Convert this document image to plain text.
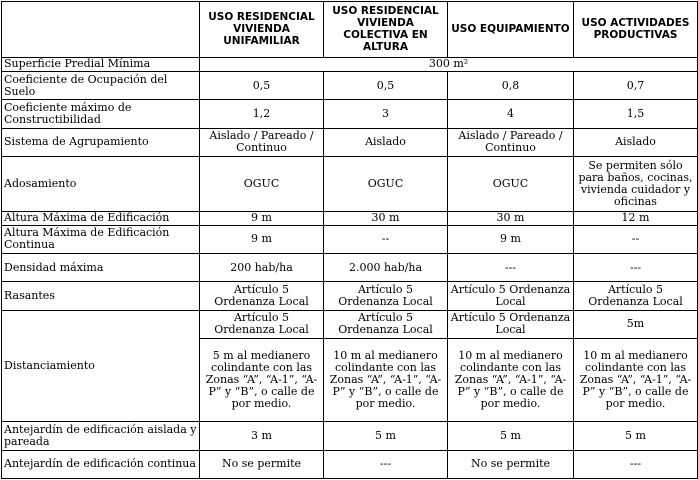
	USO RESIDENCIAL VIVIENDA UNIFAMILIAR	USO RESIDENCIAL VIVIENDA COLECTIVA EN ALTURA	USO EQUIPAMIENTO	USO ACTIVIDADES PRODUCTIVAS
Superficie Predial Mínima	300 m²			
Coeficiente de Ocupación del Suelo	0,5	0,5	0,8	0,7
Coeficiente máximo de Constructibilidad	1,2	3	4	1,5
Sistema de Agrupamiento	Aislado / Pareado / Continuo	Aislado	Aislado / Pareado / Continuo	Aislado
Adosamiento	OGUC	OGUC	OGUC	Se permiten sólo para baños, cocinas, vivienda cuidador y oficinas
Altura Máxima de Edificación	9 m	30 m	30 m	12 m
Altura Máxima de Edificación Continua	9 m	--	9 m	--
Densidad máxima	200 hab/ha	2.000 hab/ha	---	---
Rasantes	Artículo 5 Ordenanza Local	Artículo 5 Ordenanza Local	Artículo 5 Ordenanza Local	Artículo 5 Ordenanza Local
Distanciamiento	Artículo 5 Ordenanza Local	Artículo 5 Ordenanza Local	Artículo 5 Ordenanza Local	5m
	5 m al medianero colindante con las Zonas “A”, “A-1”, “A-P” y “B”, o calle de por medio.	10 m al medianero colindante con las Zonas “A”, “A-1”, “A-P” y “B”, o calle de por medio.	10 m al medianero colindante con las Zonas “A”, “A-1”, “A-P” y “B”, o calle de por medio.	10 m al medianero colindante con las Zonas “A”, “A-1”, “A-P” y “B”, o calle de por medio.
Antejardín de edificación aislada y pareada	3 m	5 m	5 m	5 m
Antejardín de edificación continua	No se permite	---	No se permite	---
